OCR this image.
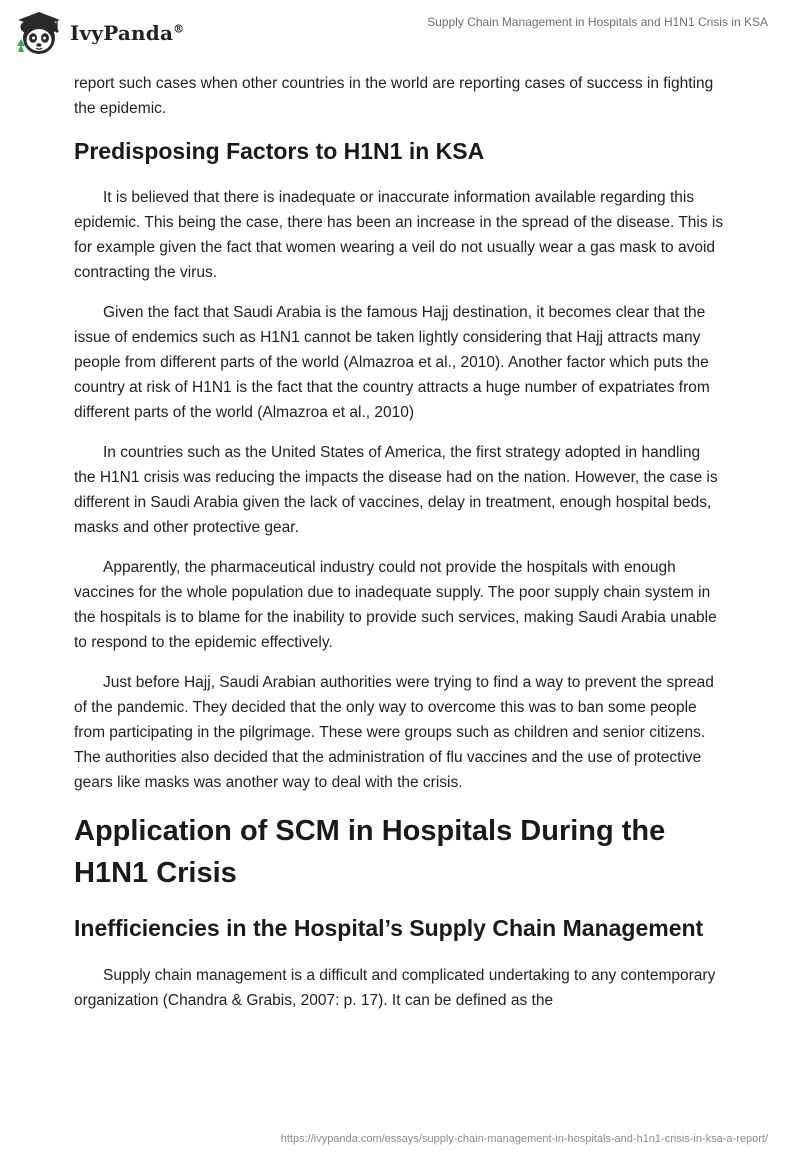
IvyPanda®	Supply Chain Management in Hospitals and H1N1 Crisis in KSA

report such cases when other countries in the world are reporting cases of success in fighting the epidemic.

Predisposing Factors to H1N1 in KSA

It is believed that there is inadequate or inaccurate information available regarding this epidemic. This being the case, there has been an increase in the spread of the disease. This is for example given the fact that women wearing a veil do not usually wear a gas mask to avoid contracting the virus.

Given the fact that Saudi Arabia is the famous Hajj destination, it becomes clear that the issue of endemics such as H1N1 cannot be taken lightly considering that Hajj attracts many people from different parts of the world (Almazroa et al., 2010). Another factor which puts the country at risk of H1N1 is the fact that the country attracts a huge number of expatriates from different parts of the world (Almazroa et al., 2010)

In countries such as the United States of America, the first strategy adopted in handling the H1N1 crisis was reducing the impacts the disease had on the nation. However, the case is different in Saudi Arabia given the lack of vaccines, delay in treatment, enough hospital beds, masks and other protective gear.

Apparently, the pharmaceutical industry could not provide the hospitals with enough vaccines for the whole population due to inadequate supply. The poor supply chain system in the hospitals is to blame for the inability to provide such services, making Saudi Arabia unable to respond to the epidemic effectively.

Just before Hajj, Saudi Arabian authorities were trying to find a way to prevent the spread of the pandemic. They decided that the only way to overcome this was to ban some people from participating in the pilgrimage. These were groups such as children and senior citizens. The authorities also decided that the administration of flu vaccines and the use of protective gears like masks was another way to deal with the crisis.

Application of SCM in Hospitals During the H1N1 Crisis
Inefficiencies in the Hospital’s Supply Chain Management

Supply chain management is a difficult and complicated undertaking to any contemporary organization (Chandra & Grabis, 2007: p. 17). It can be defined as the

https://ivypanda.com/essays/supply-chain-management-in-hospitals-and-h1n1-crisis-in-ksa-a-report/
